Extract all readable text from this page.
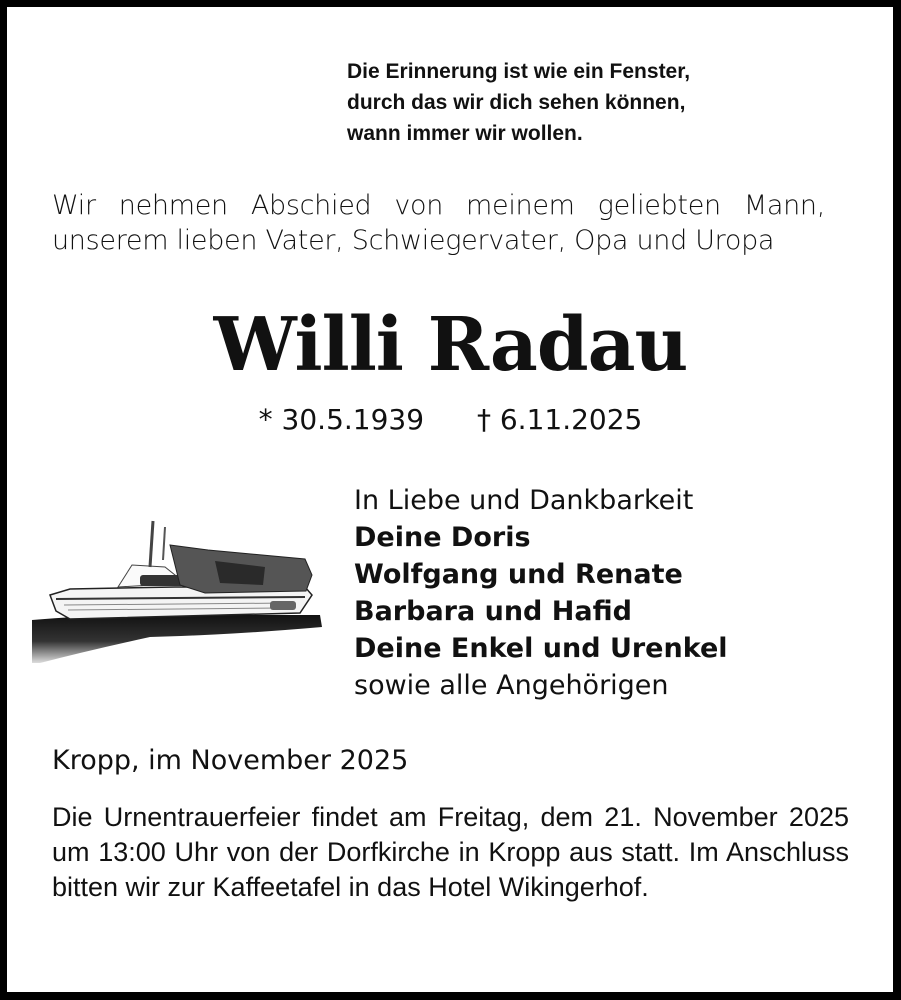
Die Erinnerung ist wie ein Fenster,
durch das wir dich sehen können,
wann immer wir wollen.
Wir nehmen Abschied von meinem geliebten Mann,
unserem lieben Vater, Schwiegervater, Opa und Uropa
Willi Radau
* 30.5.1939 † 6.11.2025
In Liebe und Dankbarkeit
Deine Doris
Wolfgang und Renate
Barbara und Hafid
Deine Enkel und Urenkel
sowie alle Angehörigen
Kropp, im November 2025
Die Urnentrauerfeier findet am Freitag, dem 21. November 2025 um 13:00 Uhr von der Dorfkirche in Kropp aus statt. Im Anschluss bitten wir zur Kaffeetafel in das Hotel Wikingerhof.
